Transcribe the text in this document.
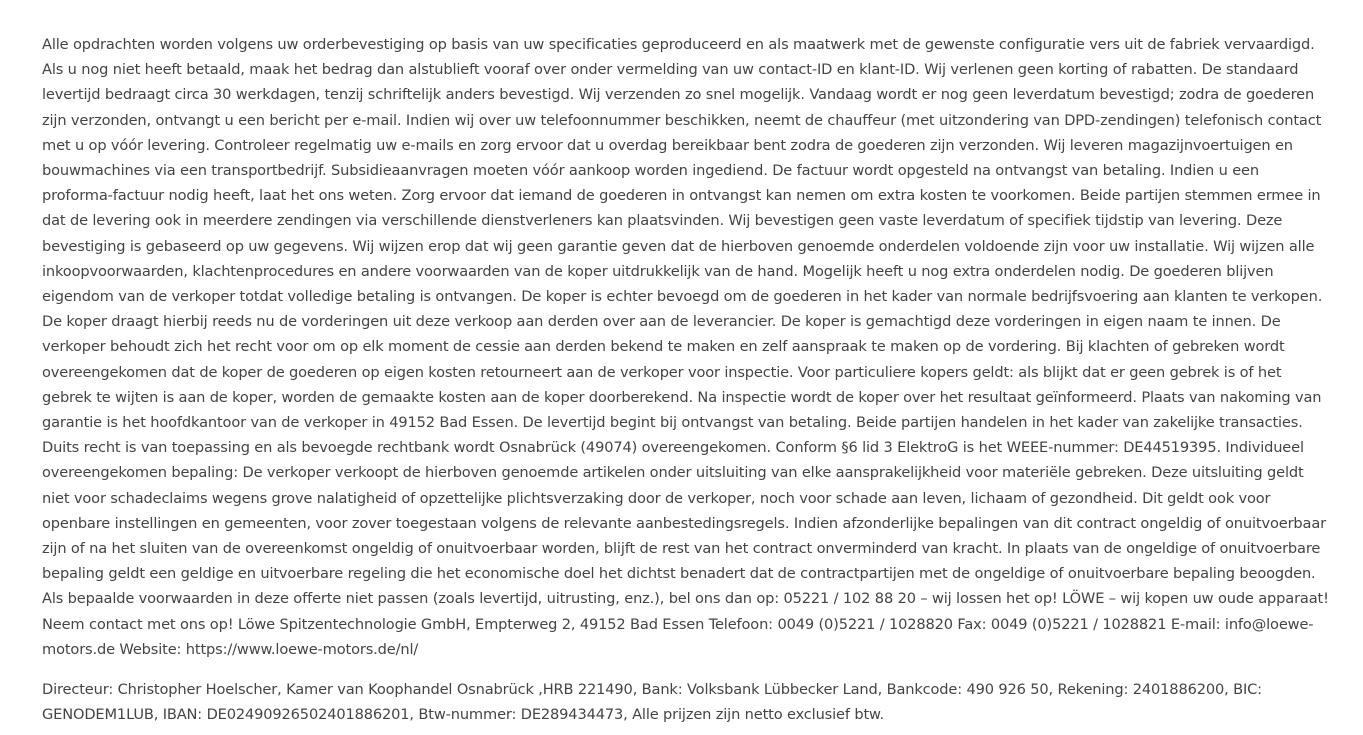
Alle opdrachten worden volgens uw orderbevestiging op basis van uw specificaties geproduceerd en als maatwerk met de gewenste configuratie vers uit de fabriek vervaardigd. Als u nog niet heeft betaald, maak het bedrag dan alstublieft vooraf over onder vermelding van uw contact-ID en klant-ID. Wij verlenen geen korting of rabatten. De standaard levertijd bedraagt circa 30 werkdagen, tenzij schriftelijk anders bevestigd. Wij verzenden zo snel mogelijk. Vandaag wordt er nog geen leverdatum bevestigd; zodra de goederen zijn verzonden, ontvangt u een bericht per e-mail. Indien wij over uw telefoonnummer beschikken, neemt de chauffeur (met uitzondering van DPD-zendingen) telefonisch contact met u op vóór levering. Controleer regelmatig uw e-mails en zorg ervoor dat u overdag bereikbaar bent zodra de goederen zijn verzonden. Wij leveren magazijnvoertuigen en bouwmachines via een transportbedrijf. Subsidieaanvragen moeten vóór aankoop worden ingediend. De factuur wordt opgesteld na ontvangst van betaling. Indien u een proforma-factuur nodig heeft, laat het ons weten. Zorg ervoor dat iemand de goederen in ontvangst kan nemen om extra kosten te voorkomen. Beide partijen stemmen ermee in dat de levering ook in meerdere zendingen via verschillende dienstverleners kan plaatsvinden. Wij bevestigen geen vaste leverdatum of specifiek tijdstip van levering. Deze bevestiging is gebaseerd op uw gegevens. Wij wijzen erop dat wij geen garantie geven dat de hierboven genoemde onderdelen voldoende zijn voor uw installatie. Wij wijzen alle inkoopvoorwaarden, klachtenprocedures en andere voorwaarden van de koper uitdrukkelijk van de hand. Mogelijk heeft u nog extra onderdelen nodig. De goederen blijven eigendom van de verkoper totdat volledige betaling is ontvangen. De koper is echter bevoegd om de goederen in het kader van normale bedrijfsvoering aan klanten te verkopen. De koper draagt hierbij reeds nu de vorderingen uit deze verkoop aan derden over aan de leverancier. De koper is gemachtigd deze vorderingen in eigen naam te innen. De verkoper behoudt zich het recht voor om op elk moment de cessie aan derden bekend te maken en zelf aanspraak te maken op de vordering. Bij klachten of gebreken wordt overeengekomen dat de koper de goederen op eigen kosten retourneert aan de verkoper voor inspectie. Voor particuliere kopers geldt: als blijkt dat er geen gebrek is of het gebrek te wijten is aan de koper, worden de gemaakte kosten aan de koper doorberekend. Na inspectie wordt de koper over het resultaat geïnformeerd. Plaats van nakoming van garantie is het hoofdkantoor van de verkoper in 49152 Bad Essen. De levertijd begint bij ontvangst van betaling. Beide partijen handelen in het kader van zakelijke transacties. Duits recht is van toepassing en als bevoegde rechtbank wordt Osnabrück (49074) overeengekomen. Conform §6 lid 3 ElektroG is het WEEE-nummer: DE44519395. Individueel overeengekomen bepaling: De verkoper verkoopt de hierboven genoemde artikelen onder uitsluiting van elke aansprakelijkheid voor materiële gebreken. Deze uitsluiting geldt niet voor schadeclaims wegens grove nalatigheid of opzettelijke plichtsverzaking door de verkoper, noch voor schade aan leven, lichaam of gezondheid. Dit geldt ook voor openbare instellingen en gemeenten, voor zover toegestaan volgens de relevante aanbestedingsregels. Indien afzonderlijke bepalingen van dit contract ongeldig of onuitvoerbaar zijn of na het sluiten van de overeenkomst ongeldig of onuitvoerbaar worden, blijft de rest van het contract onverminderd van kracht. In plaats van de ongeldige of onuitvoerbare bepaling geldt een geldige en uitvoerbare regeling die het economische doel het dichtst benadert dat de contractpartijen met de ongeldige of onuitvoerbare bepaling beoogden. Als bepaalde voorwaarden in deze offerte niet passen (zoals levertijd, uitrusting, enz.), bel ons dan op: 05221 / 102 88 20 – wij lossen het op! LÖWE – wij kopen uw oude apparaat! Neem contact met ons op! Löwe Spitzentechnologie GmbH, Empterweg 2, 49152 Bad Essen Telefoon: 0049 (0)5221 / 1028820 Fax: 0049 (0)5221 / 1028821 E-mail: info@loewe-motors.de Website: https://www.loewe-motors.de/nl/

Directeur: Christopher Hoelscher, Kamer van Koophandel Osnabrück ,HRB 221490, Bank: Volksbank Lübbecker Land, Bankcode: 490 926 50, Rekening: 2401886200, BIC: GENODEM1LUB, IBAN: DE02490926502401886201, Btw-nummer: DE289434473, Alle prijzen zijn netto exclusief btw.
